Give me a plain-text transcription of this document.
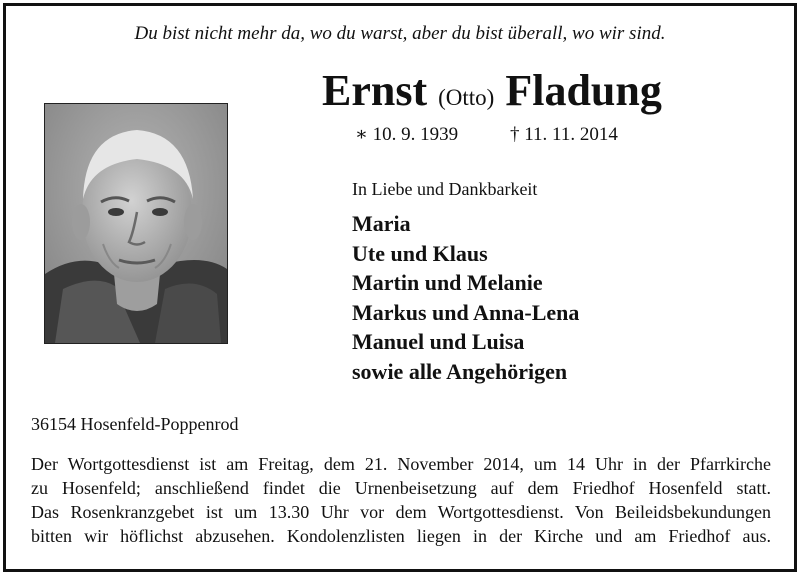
Du bist nicht mehr da, wo du warst, aber du bist überall, wo wir sind.
Ernst (Otto) Fladung
∗ 10. 9. 1939	† 11. 11. 2014
In Liebe und Dankbarkeit
Maria
Ute und Klaus
Martin und Melanie
Markus und Anna-Lena
Manuel und Luisa
sowie alle Angehörigen
36154 Hosenfeld-Poppenrod
Der Wortgottesdienst ist am Freitag, dem 21. November 2014, um 14 Uhr in der Pfarrkirche
zu Hosenfeld; anschließend findet die Urnenbeisetzung auf dem Friedhof Hosenfeld statt.
Das Rosenkranzgebet ist um 13.30 Uhr vor dem Wortgottesdienst. Von Beileidsbekundungen
bitten wir höflichst abzusehen. Kondolenzlisten liegen in der Kirche und am Friedhof aus.
